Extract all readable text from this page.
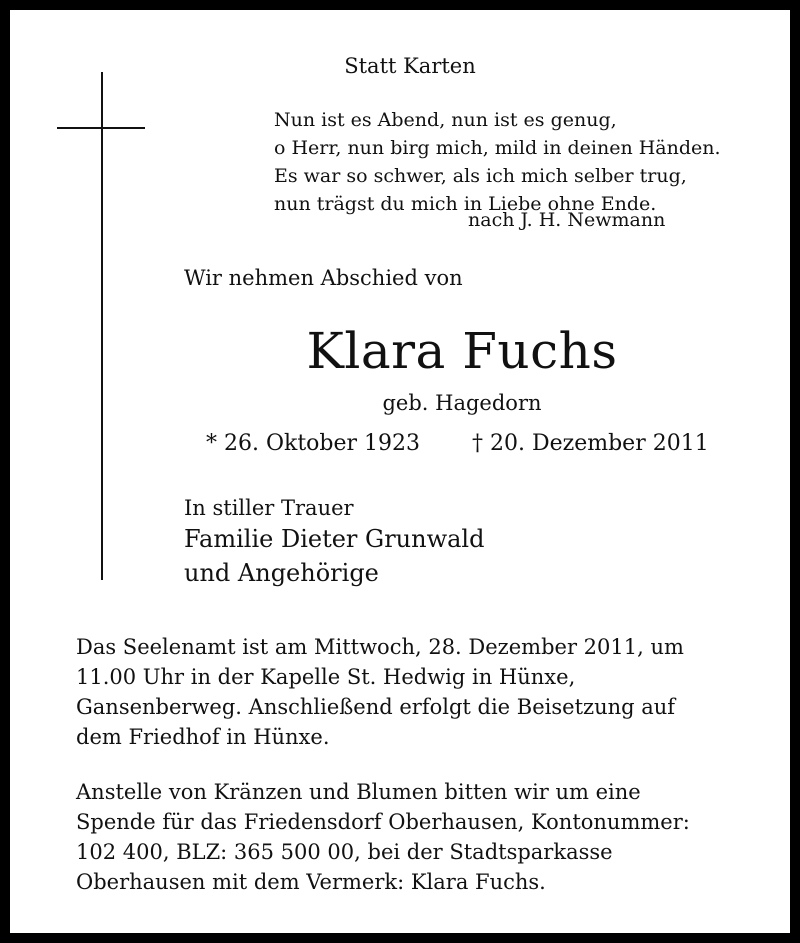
Statt Karten
Nun ist es Abend, nun ist es genug,
o Herr, nun birg mich, mild in deinen Händen.
Es war so schwer, als ich mich selber trug,
nun trägst du mich in Liebe ohne Ende.
nach J. H. Newmann
Wir nehmen Abschied von
Klara Fuchs
geb. Hagedorn
* 26. Oktober 1923 † 20. Dezember 2011
In stiller Trauer
Familie Dieter Grunwald
und Angehörige
Das Seelenamt ist am Mittwoch, 28. Dezember 2011, um
11.00 Uhr in der Kapelle St. Hedwig in Hünxe,
Gansenberweg. Anschließend erfolgt die Beisetzung auf
dem Friedhof in Hünxe.
Anstelle von Kränzen und Blumen bitten wir um eine
Spende für das Friedensdorf Oberhausen, Kontonummer:
102 400, BLZ: 365 500 00, bei der Stadtsparkasse
Oberhausen mit dem Vermerk: Klara Fuchs.
